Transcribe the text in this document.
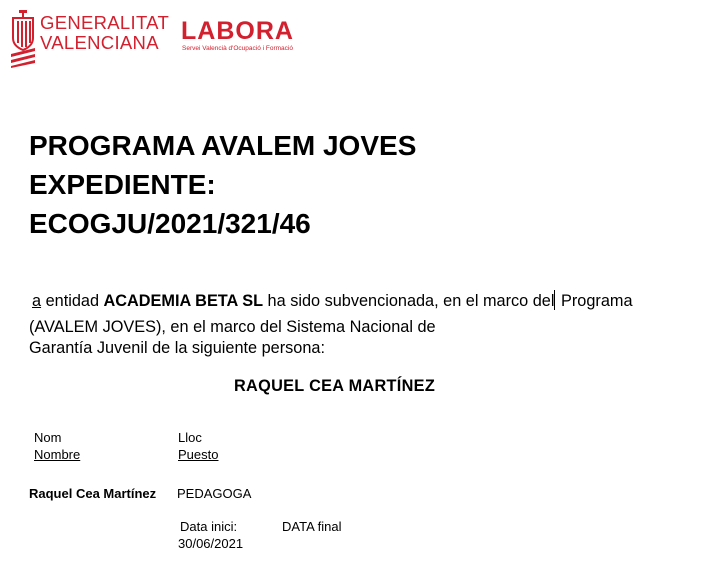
GENERALITAT
VALENCIANA LABORA
Servei Valencià d'Ocupació i Formació
PROGRAMA AVALEM JOVES
EXPEDIENTE:
ECOGJU/2021/321/46
a entidad ACADEMIA BETA SL ha sido subvencionada, en el marco del Programa
(AVALEM JOVES), en el marco del Sistema Nacional de
Garantía Juvenil de la siguiente persona:
RAQUEL CEA MARTÍNEZ
Nom
Nombre
Lloc
Puesto
Raquel Cea Martínez PEDAGOGA
Data inici:
30/06/2021
DATA final
